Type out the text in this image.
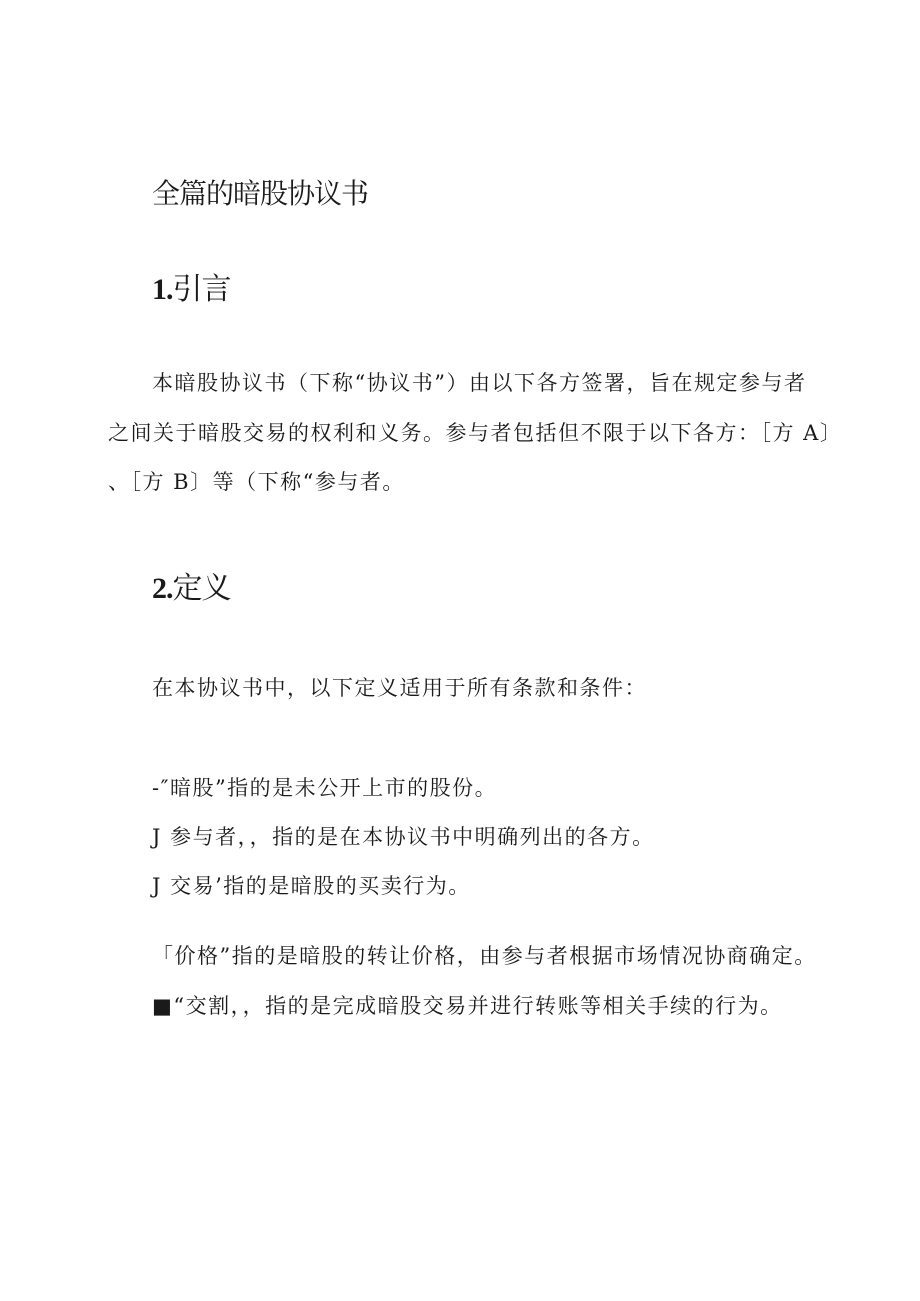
全篇的暗股协议书
1.引言
本暗股协议书（下称“协议书”）由以下各方签署，旨在规定参与者
之间关于暗股交易的权利和义务。参与者包括但不限于以下各方：［方 A〕
、［方 B〕等（下称“参与者。
2.定义
在本协议书中，以下定义适用于所有条款和条件：
-″暗股”指的是未公开上市的股份。
J 参与者，，指的是在本协议书中明确列出的各方。
J 交易’指的是暗股的买卖行为。
「价格”指的是暗股的转让价格，由参与者根据市场情况协商确定。
■“交割，，指的是完成暗股交易并进行转账等相关手续的行为。
